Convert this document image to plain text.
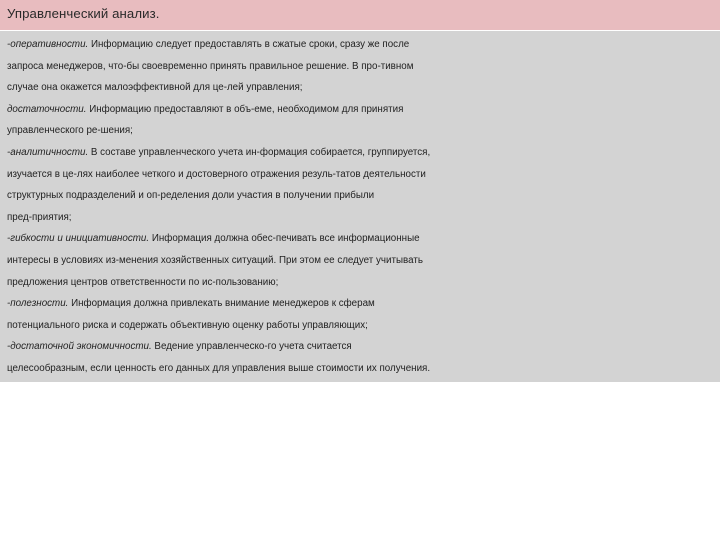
Управленческий анализ.
-оперативности. Информацию следует предоставлять в сжатые сроки, сразу же после
запроса менеджеров, что-бы своевременно принять правильное решение. В про-тивном
случае она окажется малоэффективной для це-лей управления;
достаточности. Информацию предоставляют в объ-еме, необходимом для принятия
управленческого ре-шения;
-аналитичности. В составе управленческого учета ин-формация собирается, группируется,
изучается в це-лях наиболее четкого и достоверного отражения резуль-татов деятельности
структурных подразделений и оп-ределения доли участия в получении прибыли
пред-приятия;
-гибкости и инициативности. Информация должна обес-печивать все информационные
интересы в условиях из-менения хозяйственных ситуаций. При этом ее следует учитывать
предложения центров ответственности по ис-пользованию;
-полезности. Информация должна привлекать внимание менеджеров к сферам
потенциального риска и содержать объективную оценку работы управляющих;
-достаточной экономичности. Ведение управленческо-го учета считается
целесообразным, если ценность его данных для управления выше стоимости их получения.
